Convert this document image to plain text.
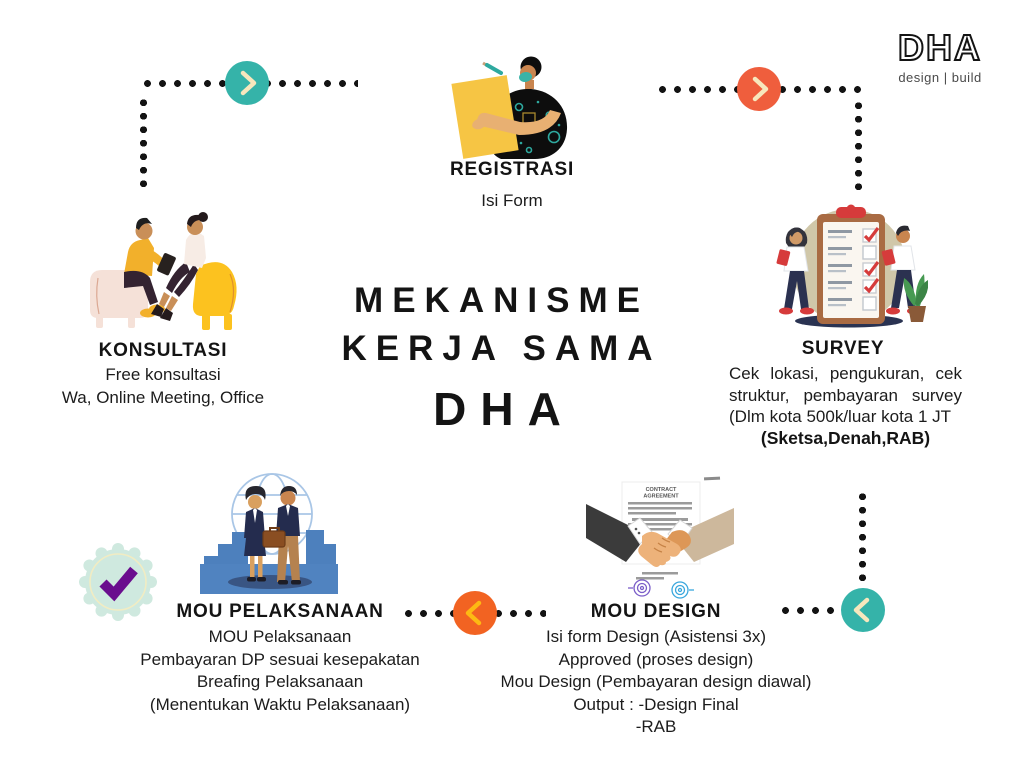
DHA
design | build
REGISTRASI
Isi Form
KONSULTASI
Free konsultasi
Wa, Online Meeting, Office
MEKANISME
KERJA SAMA
DHA
SURVEY
Cek lokasi, pengukuran, cek
struktur, pembayaran survey
(Dlm kota 500k/luar kota 1 JT
(Sketsa,Denah,RAB)
MOU PELAKSANAAN
MOU Pelaksanaan
Pembayaran DP sesuai kesepakatan
Breafing Pelaksanaan
(Menentukan Waktu Pelaksanaan)
CONTRACT
AGREEMENT
MOU DESIGN
Isi form Design (Asistensi 3x)
Approved (proses design)
Mou Design (Pembayaran design diawal)
Output : -Design Final
-RAB
